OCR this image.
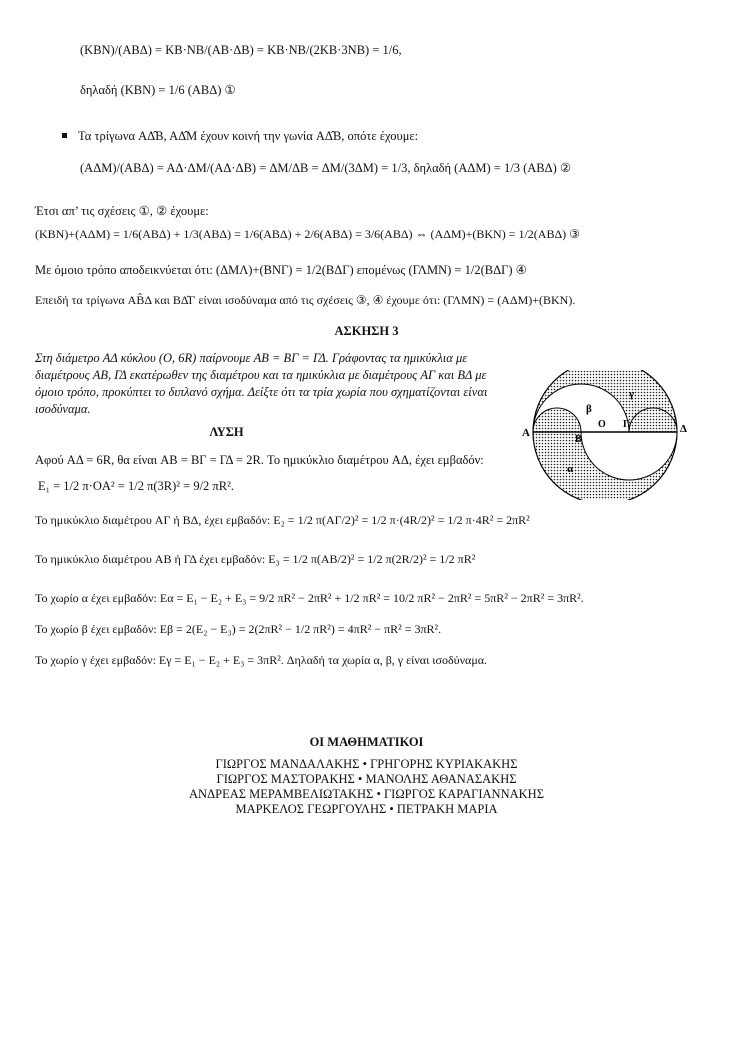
(KBN)/(ABΔ) = KB·NB/(AB·ΔB) = KB·NB/(2KB·3NB) = 1/6,
δηλαδή (KBN) = 1/6 (ABΔ) ①
Τα τρίγωνα AΔ̂B, AΔ̂M έχουν κοινή την γωνία AΔ̂B, οπότε έχουμε:
(AΔM)/(ABΔ) = AΔ·ΔM/(AΔ·ΔB) = ΔM/ΔB = ΔM/(3ΔM) = 1/3, δηλαδή (AΔM) = 1/3 (ABΔ) ②
Έτσι απ’ τις σχέσεις ①, ② έχουμε:
(KBN)+(AΔM) = 1/6(ABΔ) + 1/3(ABΔ) = 1/6(ABΔ) + 2/6(ABΔ) = 3/6(ABΔ) ⇔ (AΔM)+(BKN) = 1/2(ABΔ) ③
Με όμοιο τρόπο αποδεικνύεται ότι: (ΔMΛ)+(BNΓ) = 1/2(BΔΓ) επομένως (ΓΛMN) = 1/2(BΔΓ) ④
Επειδή τα τρίγωνα AB̂Δ και BΔ̂Γ είναι ισοδύναμα από τις σχέσεις ③, ④ έχουμε ότι: (ΓΛMN) = (AΔM)+(BKN).
ΑΣΚΗΣΗ 3
Στη διάμετρο AΔ κύκλου (O, 6R) παίρνουμε AB = BΓ = ΓΔ. Γράφοντας τα ημικύκλια με διαμέτρους AB, ΓΔ εκατέρωθεν της διαμέτρου και τα ημικύκλια με διαμέτρους AΓ και BΔ με όμοιο τρόπο, προκύπτει το διπλανό σχήμα. Δείξτε ότι τα τρία χωρία που σχηματίζονται είναι ισοδύναμα.
ΛΥΣΗ
Αφού AΔ = 6R, θα είναι AB = BΓ = ΓΔ = 2R. Το ημικύκλιο διαμέτρου AΔ, έχει εμβαδόν:
E₁ = 1/2 π·OA² = 1/2 π(3R)² = 9/2 πR².
Το ημικύκλιο διαμέτρου AΓ ή BΔ, έχει εμβαδόν: E₂ = 1/2 π(AΓ/2)² = 1/2 π·(4R/2)² = 1/2 π·4R² = 2πR²
Το ημικύκλιο διαμέτρου AB ή ΓΔ έχει εμβαδόν: E₃ = 1/2 π(AB/2)² = 1/2 π(2R/2)² = 1/2 πR²
Το χωρίο α έχει εμβαδόν: Eα = E₁ − E₂ + E₃ = 9/2 πR² − 2πR² + 1/2 πR² = 10/2 πR² − 2πR² = 5πR² − 2πR² = 3πR².
Το χωρίο β έχει εμβαδόν: Eβ = 2(E₂ − E₃) = 2(2πR² − 1/2 πR²) = 4πR² − πR² = 3πR².
Το χωρίο γ έχει εμβαδόν: Eγ = E₁ − E₂ + E₃ = 3πR². Δηλαδή τα χωρία α, β, γ είναι ισοδύναμα.
A
B
O Γ	Δ
α
β
γ
ΟΙ ΜΑΘΗΜΑΤΙΚΟΙ
ΓΙΩΡΓΟΣ ΜΑΝΔΑΛΑΚΗΣ • ΓΡΗΓΟΡΗΣ ΚΥΡΙΑΚΑΚΗΣ
ΓΙΩΡΓΟΣ ΜΑΣΤΟΡΑΚΗΣ • ΜΑΝΟΛΗΣ ΑΘΑΝΑΣΑΚΗΣ
ΑΝΔΡΕΑΣ ΜΕΡΑΜΒΕΛΙΩΤΑΚΗΣ • ΓΙΩΡΓΟΣ ΚΑΡΑΓΙΑΝΝΑΚΗΣ
ΜΑΡΚΕΛΟΣ ΓΕΩΡΓΟΥΛΗΣ • ΠΕΤΡΑΚΗ ΜΑΡΙΑ
